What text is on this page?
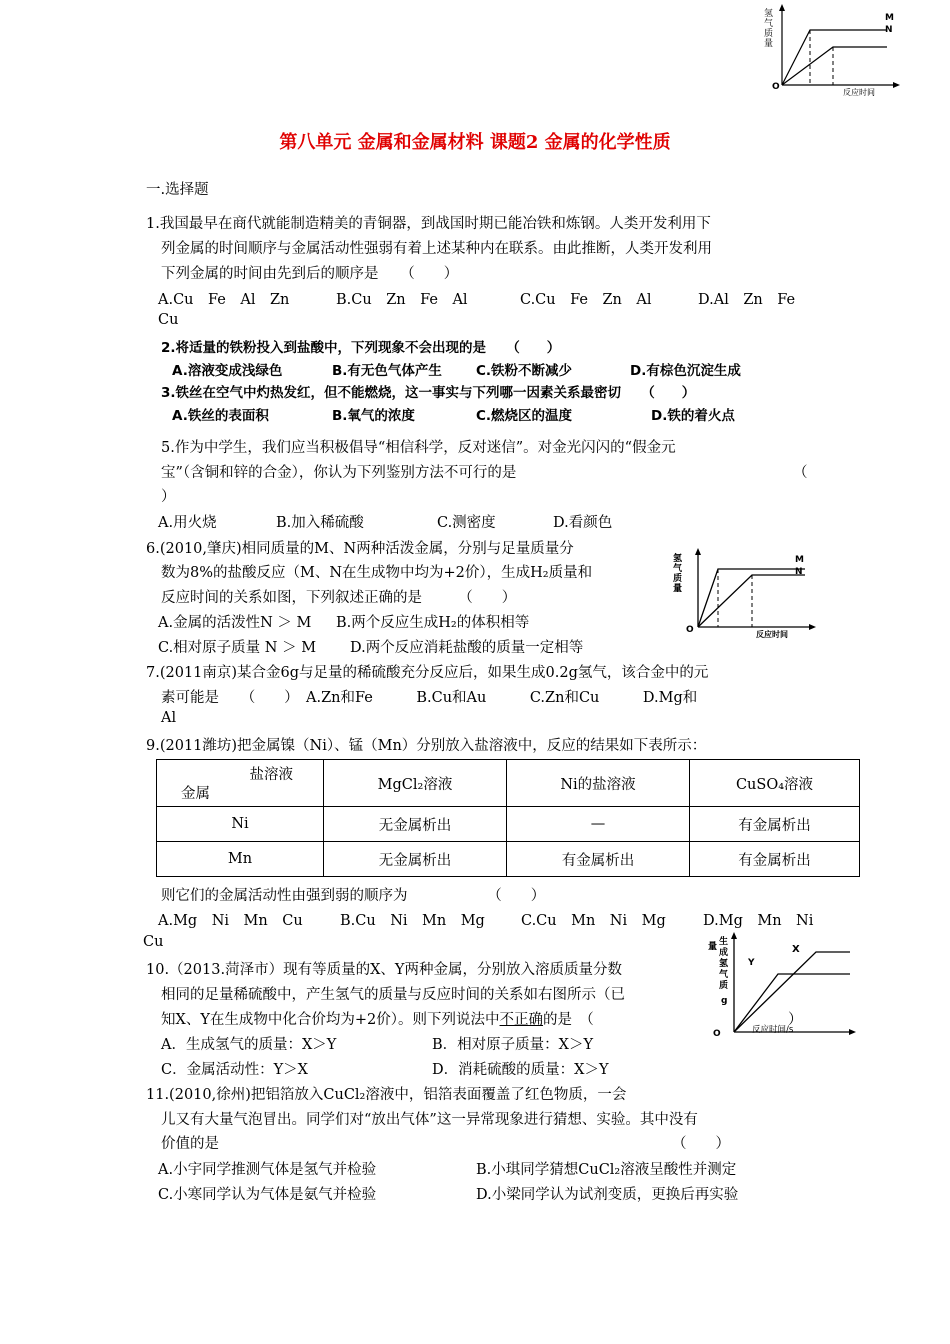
氢
气
质
量
M
N
O
反应时间
第八单元 金属和金属材料 课题2 金属的化学性质
一.选择题
1.我国最早在商代就能制造精美的青铜器，到战国时期已能冶铁和炼钢。人类开发利用下
列金属的时间顺序与金属活动性强弱有着上述某种内在联系。由此推断，人类开发利用
下列金属的时间由先到后的顺序是　　（　　）
A.Cu　Fe　Al　Zn	B.Cu　Zn　Fe　Al	C.Cu　Fe　Zn　Al	D.Al　Zn　Fe
Cu
2.将适量的铁粉投入到盐酸中，下列现象不会出现的是　　（　　）
A.溶液变成浅绿色	B.有无色气体产生	C.铁粉不断减少	D.有棕色沉淀生成
3.铁丝在空气中灼热发红，但不能燃烧，这一事实与下列哪一因素关系最密切　　（　　）
A.铁丝的表面积	B.氧气的浓度	C.燃烧区的温度	D.铁的着火点
5.作为中学生，我们应当积极倡导“相信科学，反对迷信”。对金光闪闪的“假金元
宝”（含铜和锌的合金），你认为下列鉴别方法不可行的是	（
）
A.用火烧	B.加入稀硫酸	C.测密度	D.看颜色
6.(2010,肇庆)相同质量的M、N两种活泼金属，分别与足量质量分
数为8%的盐酸反应（M、N在生成物中均为+2价），生成H₂质量和
反应时间的关系如图，下列叙述正确的是　　　（　　）
A.金属的活泼性N ＞ M B.两个反应生成H₂的体积相等
C.相对原子质量 N ＞ M D.两个反应消耗盐酸的质量一定相等
氢
气
质
量
M
N
O	反应时间
7.(2011南京)某合金6g与足量的稀硫酸充分反应后，如果生成0.2g氢气，该合金中的元
素可能是　　（　　）　A.Zn和Fe　　　B.Cu和Au　　　C.Zn和Cu　　　D.Mg和
Al
9.(2011潍坊)把金属镍（Ni）、锰（Mn）分别放入盐溶液中，反应的结果如下表所示：
盐溶液
金属	MgCl₂溶液	Ni的盐溶液	CuSO₄溶液
Ni	无金属析出	—	有金属析出
Mn	无金属析出	有金属析出	有金属析出
则它们的金属活动性由强到弱的顺序为　　　　　　（　　）
A.Mg　Ni　Mn　Cu	B.Cu　Ni　Mn　Mg C.Cu　Mn　Ni　Mg	D.Mg　Mn　Ni
Cu
10.（2013.菏泽市）现有等质量的X、Y两种金属，分别放入溶质质量分数
相同的足量稀硫酸中，产生氢气的质量与反应时间的关系如右图所示（已
知X、Y在生成物中化合价均为+2价）。则下列说法中不正确的是　（
A．生成氢气的质量：X＞Y	B．相对原子质量：X＞Y
C．金属活动性：Y＞X	D．消耗硫酸的质量：X＞Y
量 生
成
氢
气
质
g
Y
X
O	反应时间/s
）
11.(2010,徐州)把铝箔放入CuCl₂溶液中，铝箔表面覆盖了红色物质，一会
儿又有大量气泡冒出。同学们对“放出气体”这一异常现象进行猜想、实验。其中没有
价值的是	（　　）
A.小宇同学推测气体是氢气并检验	B.小琪同学猜想CuCl₂溶液呈酸性并测定
C.小寒同学认为气体是氨气并检验	D.小梁同学认为试剂变质，更换后再实验
